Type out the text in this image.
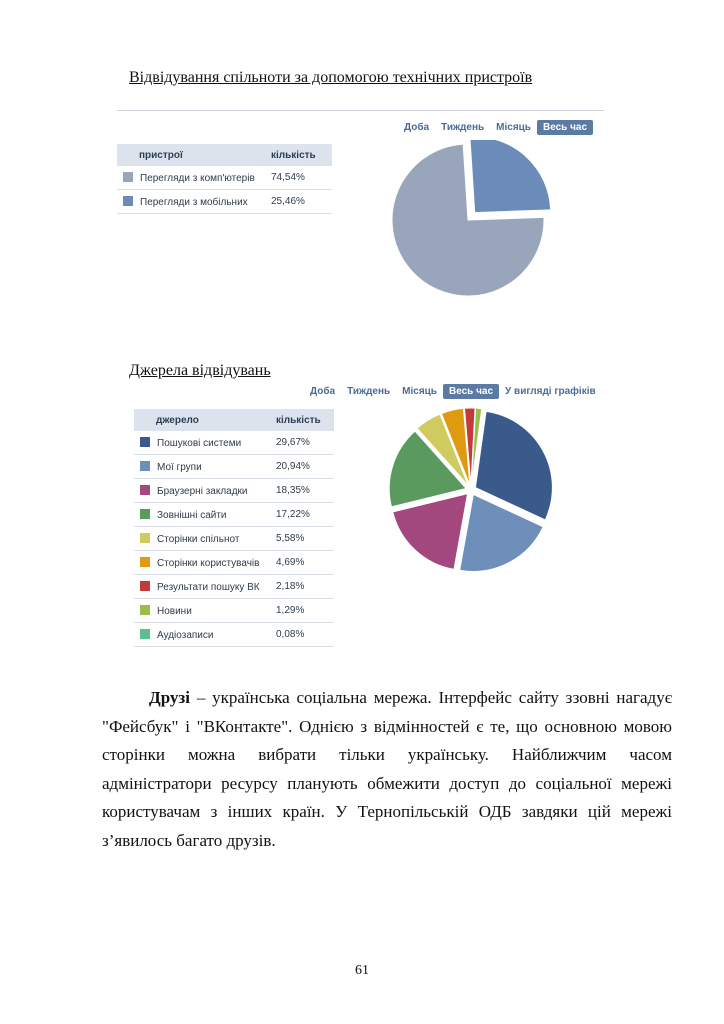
Відвідування спільноти за допомогою технічних пристроїв
Доба	Тиждень	Місяць	Весь час
пристрої	кількість
Перегляди з комп'ютерів	74,54%
Перегляди з мобільних	25,46%
Джерела відвідувань
Доба	Тиждень	Місяць	Весь час	У вигляді графіків
джерело	кількість
Пошукові системи	29,67%
Мої групи	20,94%
Браузерні закладки	18,35%
Зовнішні сайти	17,22%
Сторінки спільнот	5,58%
Сторінки користувачів	4,69%
Результати пошуку ВК	2,18%
Новини	1,29%
Аудіозаписи	0,08%
Друзі – українська соціальна мережа. Інтерфейс сайту ззовні нагадує "Фейсбук" і "ВКонтакте". Однією з відмінностей є те, що основною мовою сторінки можна вибрати тільки українську. Найближчим часом адміністратори ресурсу планують обмежити доступ до соціальної мережі користувачам з інших країн. У Тернопільській ОДБ завдяки цій мережі з’явилось багато друзів.
61
